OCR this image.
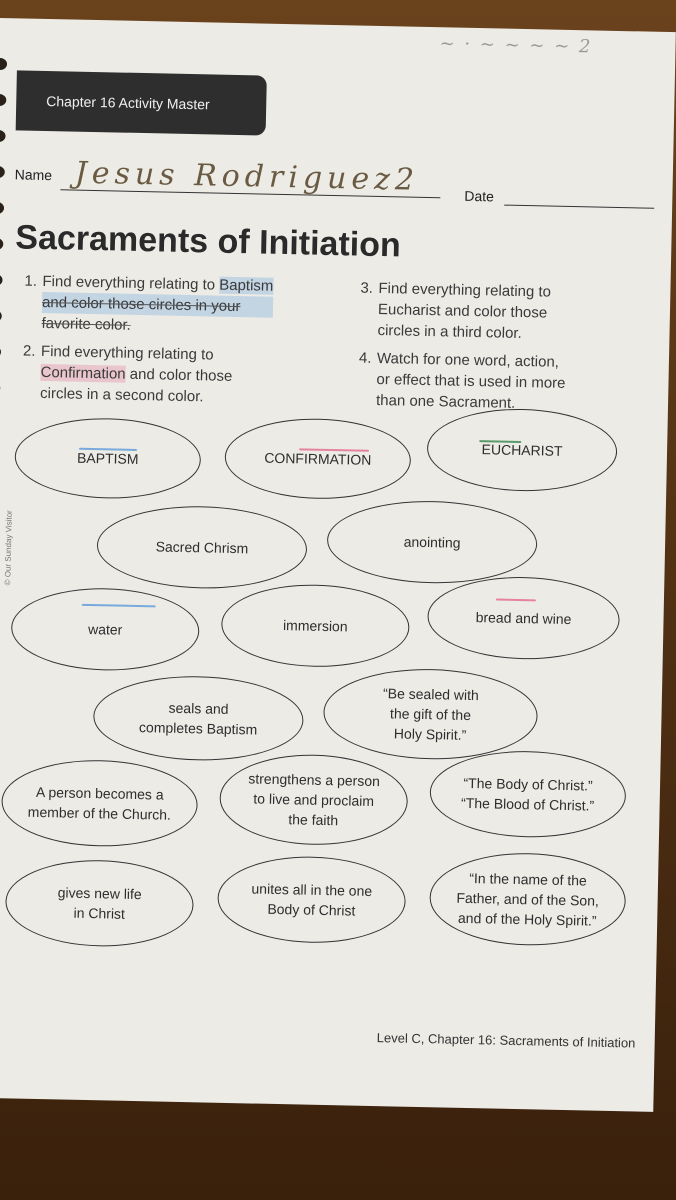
~ · ~ ~ ~ ~ 2
Chapter 16 Activity Master
Name Jesus Rodriguez2	Date
Sacraments of Initiation
1. Find everything relating to Baptism
and color those circles in your
favorite color.
2. Find everything relating to
Confirmation and color those
circles in a second color.
3. Find everything relating to
Eucharist and color those
circles in a third color.
4. Watch for one word, action,
or effect that is used in more
than one Sacrament.
BAPTISM	CONFIRMATION	EUCHARIST
Sacred Chrism	anointing
water	immersion	bread and wine
seals and
completes Baptism
“Be sealed with
the gift of the
Holy Spirit.”
A person becomes a
member of the Church.
strengthens a person
to live and proclaim
the faith
“The Body of Christ.”
“The Blood of Christ.”
gives new life
in Christ
unites all in the one
Body of Christ
“In the name of the
Father, and of the Son,
and of the Holy Spirit.”
© Our Sunday Visitor
Level C, Chapter 16: Sacraments of Initiation
